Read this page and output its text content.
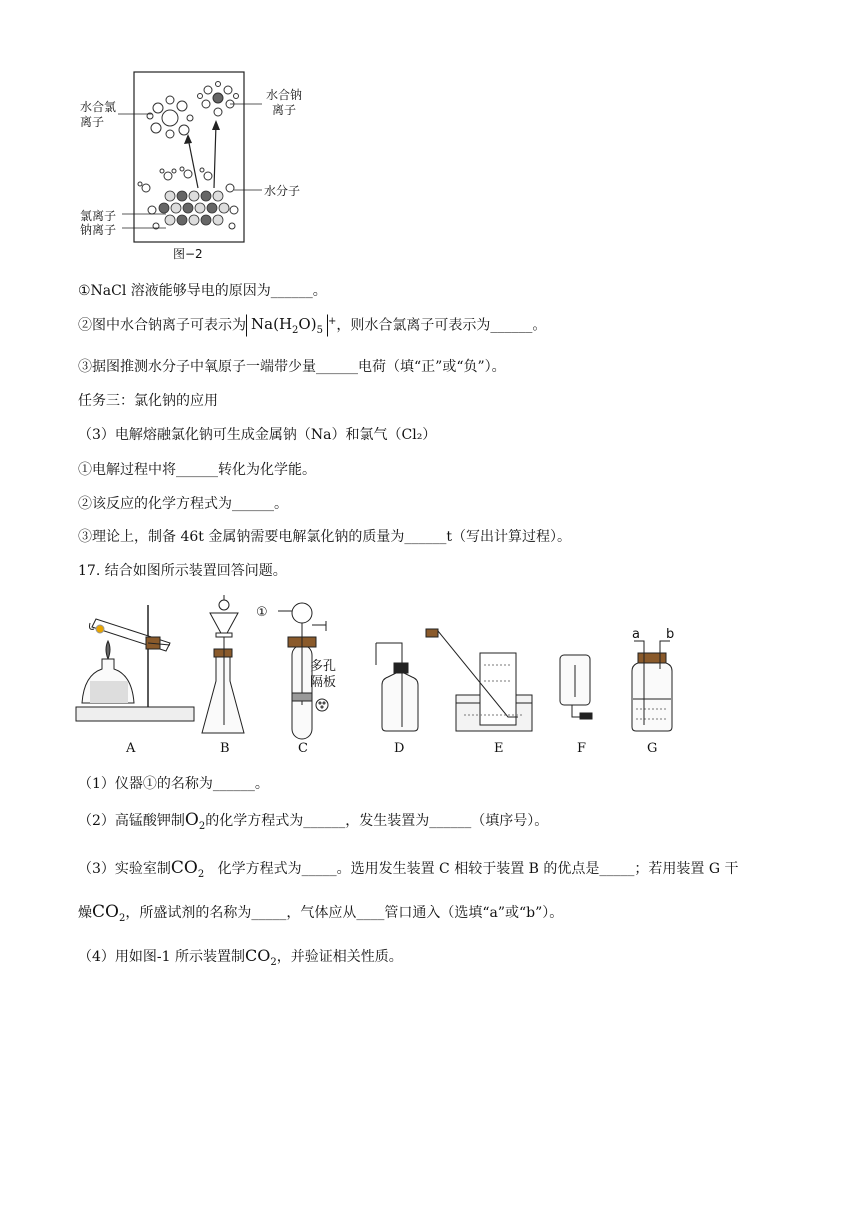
水合氯
离子
水合钠
离子
水分子
氯离子
钠离子
图−2
①NaCl 溶液能够导电的原因为______。
②图中水合钠离子可表示为 $Na(H_2O)_5^+$，则水合氯离子可表示为______。
③据图推测水分子中氧原子一端带少量______电荷（填“正”或“负”）。
任务三：氯化钠的应用
（3）电解熔融氯化钠可生成金属钠（Na）和氯气（Cl₂）
①电解过程中将______转化为化学能。
②该反应的化学方程式为______。
③理论上，制备 46t 金属钠需要电解氯化钠的质量为______t（写出计算过程）。
17. 结合如图所示装置回答问题。
①
多孔
隔板
a b
A	B	C	D	E	F	G
（1）仪器①的名称为______。
（2）高锰酸钾制$O_2$的化学方程式为______，发生装置为______（填序号）。
（3）实验室制$CO_2$   化学方程式为_____。选用发生装置 C 相较于装置 B 的优点是_____；若用装置 G 干
燥$CO_2$，所盛试剂的名称为_____，气体应从____管口通入（选填“a”或“b”）。
（4）用如图-1 所示装置制$CO_2$，并验证相关性质。
